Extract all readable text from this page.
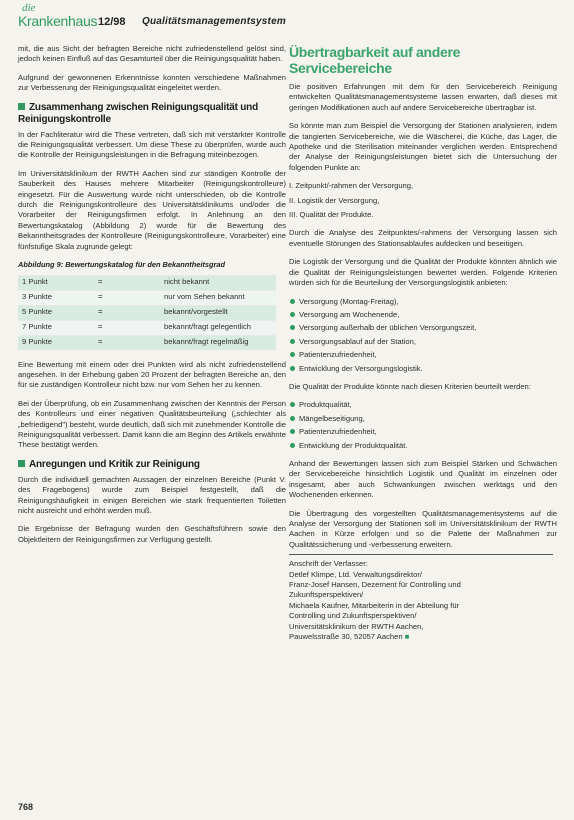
die
Krankenhaus 12/98 Qualitätsmanagementsystem

mit, die aus Sicht der befragten Bereiche nicht zufriedenstellend gelöst sind, jedoch keinen Einfluß auf das Gesamturteil über die Reinigungsqualität haben.

Aufgrund der gewonnenen Erkenntnisse konnten verschiedene Maßnahmen zur Verbesserung der Reinigungsqualität eingeleitet werden.

Zusammenhang zwischen Reinigungsqualität und Reinigungskontrolle

In der Fachliteratur wird die These vertreten, daß sich mit verstärkter Kontrolle die Reinigungsqualität verbessert. Um diese These zu überprüfen, wurde auch die Kontrolle der Reinigungsleistungen in die Befragung miteinbezogen.

Im Universitätsklinikum der RWTH Aachen sind zur ständigen Kontrolle der Sauberkeit des Hauses mehrere Mitarbeiter (Reinigungskontrolleure) eingesetzt. Für die Auswertung wurde nicht unterschieden, ob die Kontrolle durch die Reinigungskontrolleure des Universitätsklinikums und/oder die Vorarbeiter der Reinigungsfirmen erfolgt. In Anlehnung an den Bewertungskatalog (Abbildung 2) wurde für die Bewertung des Bekanntheitsgrades der Kontrolleure (Reinigungskontrolleure, Vorarbeiter) eine fünfstufige Skala zugrunde gelegt:

Abbildung 9: Bewertungskatalog für den Bekanntheitsgrad
1 Punkt	=	nicht bekannt
3 Punkte	=	nur vom Sehen bekannt
5 Punkte	=	bekannt/vorgestellt
7 Punkte	=	bekannt/fragt gelegentlich
9 Punkte	=	bekannt/fragt regelmäßig

Eine Bewertung mit einem oder drei Punkten wird als nicht zufriedenstellend angesehen. In der Erhebung gaben 20 Prozent der befragten Bereiche an, den für sie zuständigen Kontrolleur nicht bzw. nur vom Sehen her zu kennen.

Bei der Überprüfung, ob ein Zusammenhang zwischen der Kenntnis der Person des Kontrolleurs und einer negativen Qualitätsbeurteilung („schlechter als „befriedigend") besteht, wurde deutlich, daß sich mit zunehmender Kontrolle die Reinigungsqualität verbessert. Damit kann die am Beginn des Artikels erwähnte These bestätigt werden.

Anregungen und Kritik zur Reinigung

Durch die individuell gemachten Aussagen der einzelnen Bereiche (Punkt V. des Fragebogens) wurde zum Beispiel festgestellt, daß die Reinigungshäufigkeit in einigen Bereichen wie stark frequentierten Toiletten nicht ausreicht und erhöht werden muß.

Die Ergebnisse der Befragung wurden den Geschäftsführern sowie den Objektleitern der Reinigungsfirmen zur Verfügung gestellt.

Übertragbarkeit auf andere Servicebereiche

Die positiven Erfahrungen mit dem für den Servicebereich Reinigung entwickelten Qualitätsmanagementsysteme lassen erwarten, daß dieses mit geringen Modifikationen auch auf andere Servicebereiche übertragbar ist.

So könnte man zum Beispiel die Versorgung der Stationen analysieren, indem die tangierten Servicebereiche, wie die Wäscherei, die Küche, das Lager, die Apotheke und die Sterilisation miteinander verglichen werden. Entsprechend der Analyse der Reinigungsleistungen bietet sich die Untersuchung der folgenden Punkte an:

I. Zeitpunkt/-rahmen der Versorgung,
II. Logistik der Versorgung,
III. Qualität der Produkte.

Durch die Analyse des Zeitpunktes/-rahmens der Versorgung lassen sich eventuelle Störungen des Stationsablaufes aufdecken und beseitigen.

Die Logistik der Versorgung und die Qualität der Produkte könnten ähnlich wie die Qualität der Reinigungsleistungen bewertet werden. Folgende Kriterien würden sich für die Beurteilung der Versorgungslogistik anbieten:

Versorgung (Montag-Freitag),
Versorgung am Wochenende,
Versorgung außerhalb der üblichen Versorgungszeit,
Versorgungsablauf auf der Station,
Patientenzufriedenheit,
Entwicklung der Versorgungslogistik.

Die Qualität der Produkte könnte nach diesen Kriterien beurteilt werden:

Produktqualität,
Mängelbeseitigung,
Patientenzufriedenheit,
Entwicklung der Produktqualität.

Anhand der Bewertungen lassen sich zum Beispiel Stärken und Schwächen der Servicebereiche hinsichtlich Logistik und Qualität im einzelnen oder insgesamt, aber auch Schwankungen zwischen werktags und den Wochenenden erkennen.

Die Übertragung des vorgestellten Qualitätsmanagementsystems auf die Analyse der Versorgung der Stationen soll im Universitätsklinikum der RWTH Aachen in Kürze erfolgen und so die Palette der Maßnahmen zur Qualitätssicherung und -verbesserung erweitern.

Anschrift der Verfasser:

Detlef Klimpe, Ltd. Verwaltungsdirektor/

Franz-Josef Hansen, Dezernent für Controlling und

Zukunftsperspektiven/

Michaela Kaufner, Mitarbeiterin in der Abteilung für

Controlling und Zukunftsperspektiven/

Universitätsklinikum der RWTH Aachen,

Pauwelsstraße 30, 52057 Aachen ■

768
